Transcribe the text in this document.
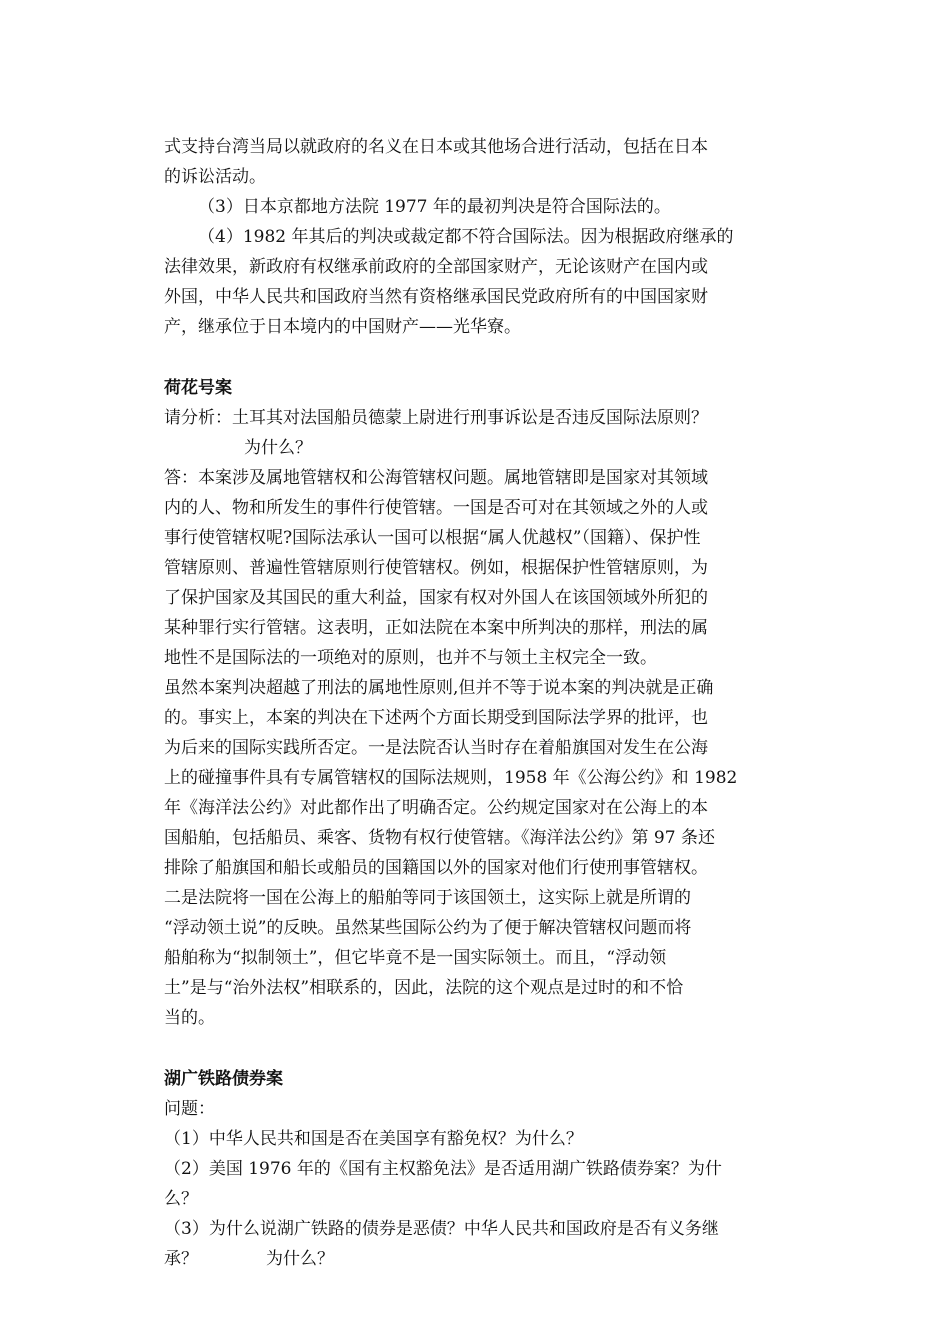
式支持台湾当局以就政府的名义在日本或其他场合进行活动，包括在日本
的诉讼活动。
（3）日本京都地方法院 1977 年的最初判决是符合国际法的。
（4）1982 年其后的判决或裁定都不符合国际法。因为根据政府继承的
法律效果，新政府有权继承前政府的全部国家财产，无论该财产在国内或
外国，中华人民共和国政府当然有资格继承国民党政府所有的中国国家财
产，继承位于日本境内的中国财产——光华寮。
荷花号案
请分析：土耳其对法国船员德蒙上尉进行刑事诉讼是否违反国际法原则？
为什么？
答：本案涉及属地管辖权和公海管辖权问题。属地管辖即是国家对其领域
内的人、物和所发生的事件行使管辖。一国是否可对在其领域之外的人或
事行使管辖权呢?国际法承认一国可以根据“属人优越权”（国籍）、保护性
管辖原则、普遍性管辖原则行使管辖权。例如，根据保护性管辖原则，为
了保护国家及其国民的重大利益，国家有权对外国人在该国领域外所犯的
某种罪行实行管辖。这表明，正如法院在本案中所判决的那样，刑法的属
地性不是国际法的一项绝对的原则，也并不与领土主权完全一致。
虽然本案判决超越了刑法的属地性原则,但并不等于说本案的判决就是正确
的。事实上，本案的判决在下述两个方面长期受到国际法学界的批评，也
为后来的国际实践所否定。一是法院否认当时存在着船旗国对发生在公海
上的碰撞事件具有专属管辖权的国际法规则，1958 年《公海公约》和 1982
年《海洋法公约》对此都作出了明确否定。公约规定国家对在公海上的本
国船舶，包括船员、乘客、货物有权行使管辖。《海洋法公约》第 97 条还
排除了船旗国和船长或船员的国籍国以外的国家对他们行使刑事管辖权。
二是法院将一国在公海上的船舶等同于该国领土，这实际上就是所谓的
“浮动领土说”的反映。虽然某些国际公约为了便于解决管辖权问题而将
船舶称为“拟制领土”，但它毕竟不是一国实际领土。而且，“浮动领
土”是与“治外法权”相联系的，因此，法院的这个观点是过时的和不恰
当的。
湖广铁路债券案
问题：
（1）中华人民共和国是否在美国享有豁免权？为什么？
（2）美国 1976 年的《国有主权豁免法》是否适用湖广铁路债券案？为什
么？
（3）为什么说湖广铁路的债券是恶债？中华人民共和国政府是否有义务继
承？　　　　为什么？
